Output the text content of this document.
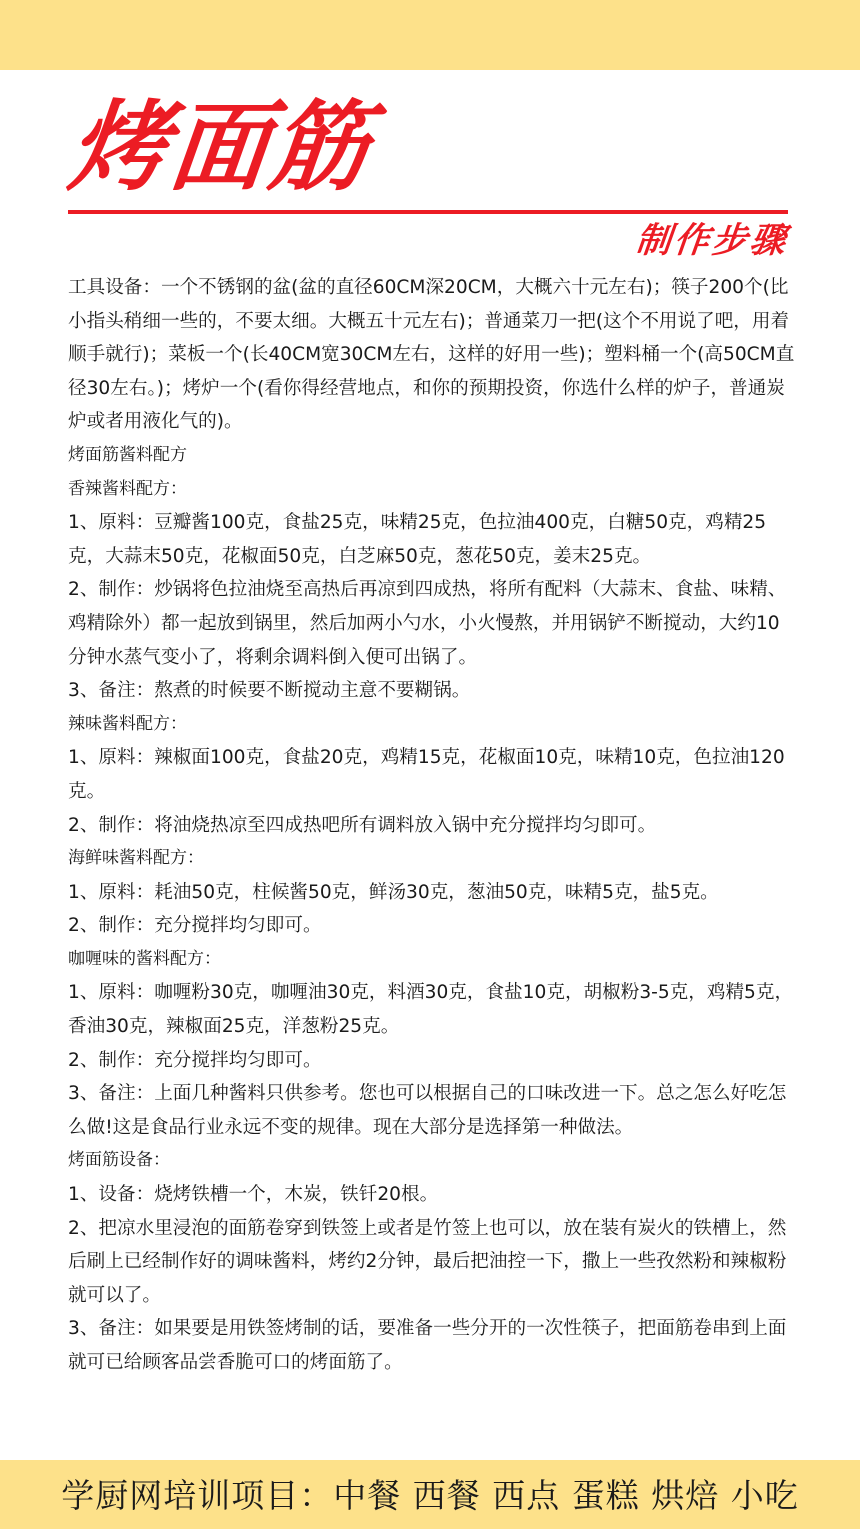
烤面筋
制作步骤

工具设备：一个不锈钢的盆(盆的直径60CM深20CM，大概六十元左右)；筷子200个(比小指头稍细一些的，不要太细。大概五十元左右)；普通菜刀一把(这个不用说了吧，用着顺手就行)；菜板一个(长40CM宽30CM左右，这样的好用一些)；塑料桶一个(高50CM直径30左右。)；烤炉一个(看你得经营地点，和你的预期投资，你选什么样的炉子，普通炭炉或者用液化气的)。

烤面筋酱料配方

香辣酱料配方：

1、原料：豆瓣酱100克，食盐25克，味精25克，色拉油400克，白糖50克，鸡精25克，大蒜末50克，花椒面50克，白芝麻50克，葱花50克，姜末25克。

2、制作：炒锅将色拉油烧至高热后再凉到四成热，将所有配料（大蒜末、食盐、味精、鸡精除外）都一起放到锅里，然后加两小勺水，小火慢熬，并用锅铲不断搅动，大约10分钟水蒸气变小了，将剩余调料倒入便可出锅了。

3、备注：熬煮的时候要不断搅动主意不要糊锅。

辣味酱料配方：

1、原料：辣椒面100克，食盐20克，鸡精15克，花椒面10克，味精10克，色拉油120克。

2、制作：将油烧热凉至四成热吧所有调料放入锅中充分搅拌均匀即可。

海鲜味酱料配方：

1、原料：耗油50克，柱候酱50克，鲜汤30克，葱油50克，味精5克，盐5克。

2、制作：充分搅拌均匀即可。

咖喱味的酱料配方：

1、原料：咖喱粉30克，咖喱油30克，料酒30克，食盐10克，胡椒粉3-5克，鸡精5克，香油30克，辣椒面25克，洋葱粉25克。

2、制作：充分搅拌均匀即可。

3、备注：上面几种酱料只供参考。您也可以根据自己的口味改进一下。总之怎么好吃怎么做!这是食品行业永远不变的规律。现在大部分是选择第一种做法。

烤面筋设备：

1、设备：烧烤铁槽一个，木炭，铁钎20根。

2、把凉水里浸泡的面筋卷穿到铁签上或者是竹签上也可以，放在装有炭火的铁槽上，然后刷上已经制作好的调味酱料，烤约2分钟，最后把油控一下，撒上一些孜然粉和辣椒粉就可以了。

3、备注：如果要是用铁签烤制的话，要准备一些分开的一次性筷子，把面筋卷串到上面就可已给顾客品尝香脆可口的烤面筋了。

学厨网培训项目：中餐 西餐 西点 蛋糕 烘焙 小吃
